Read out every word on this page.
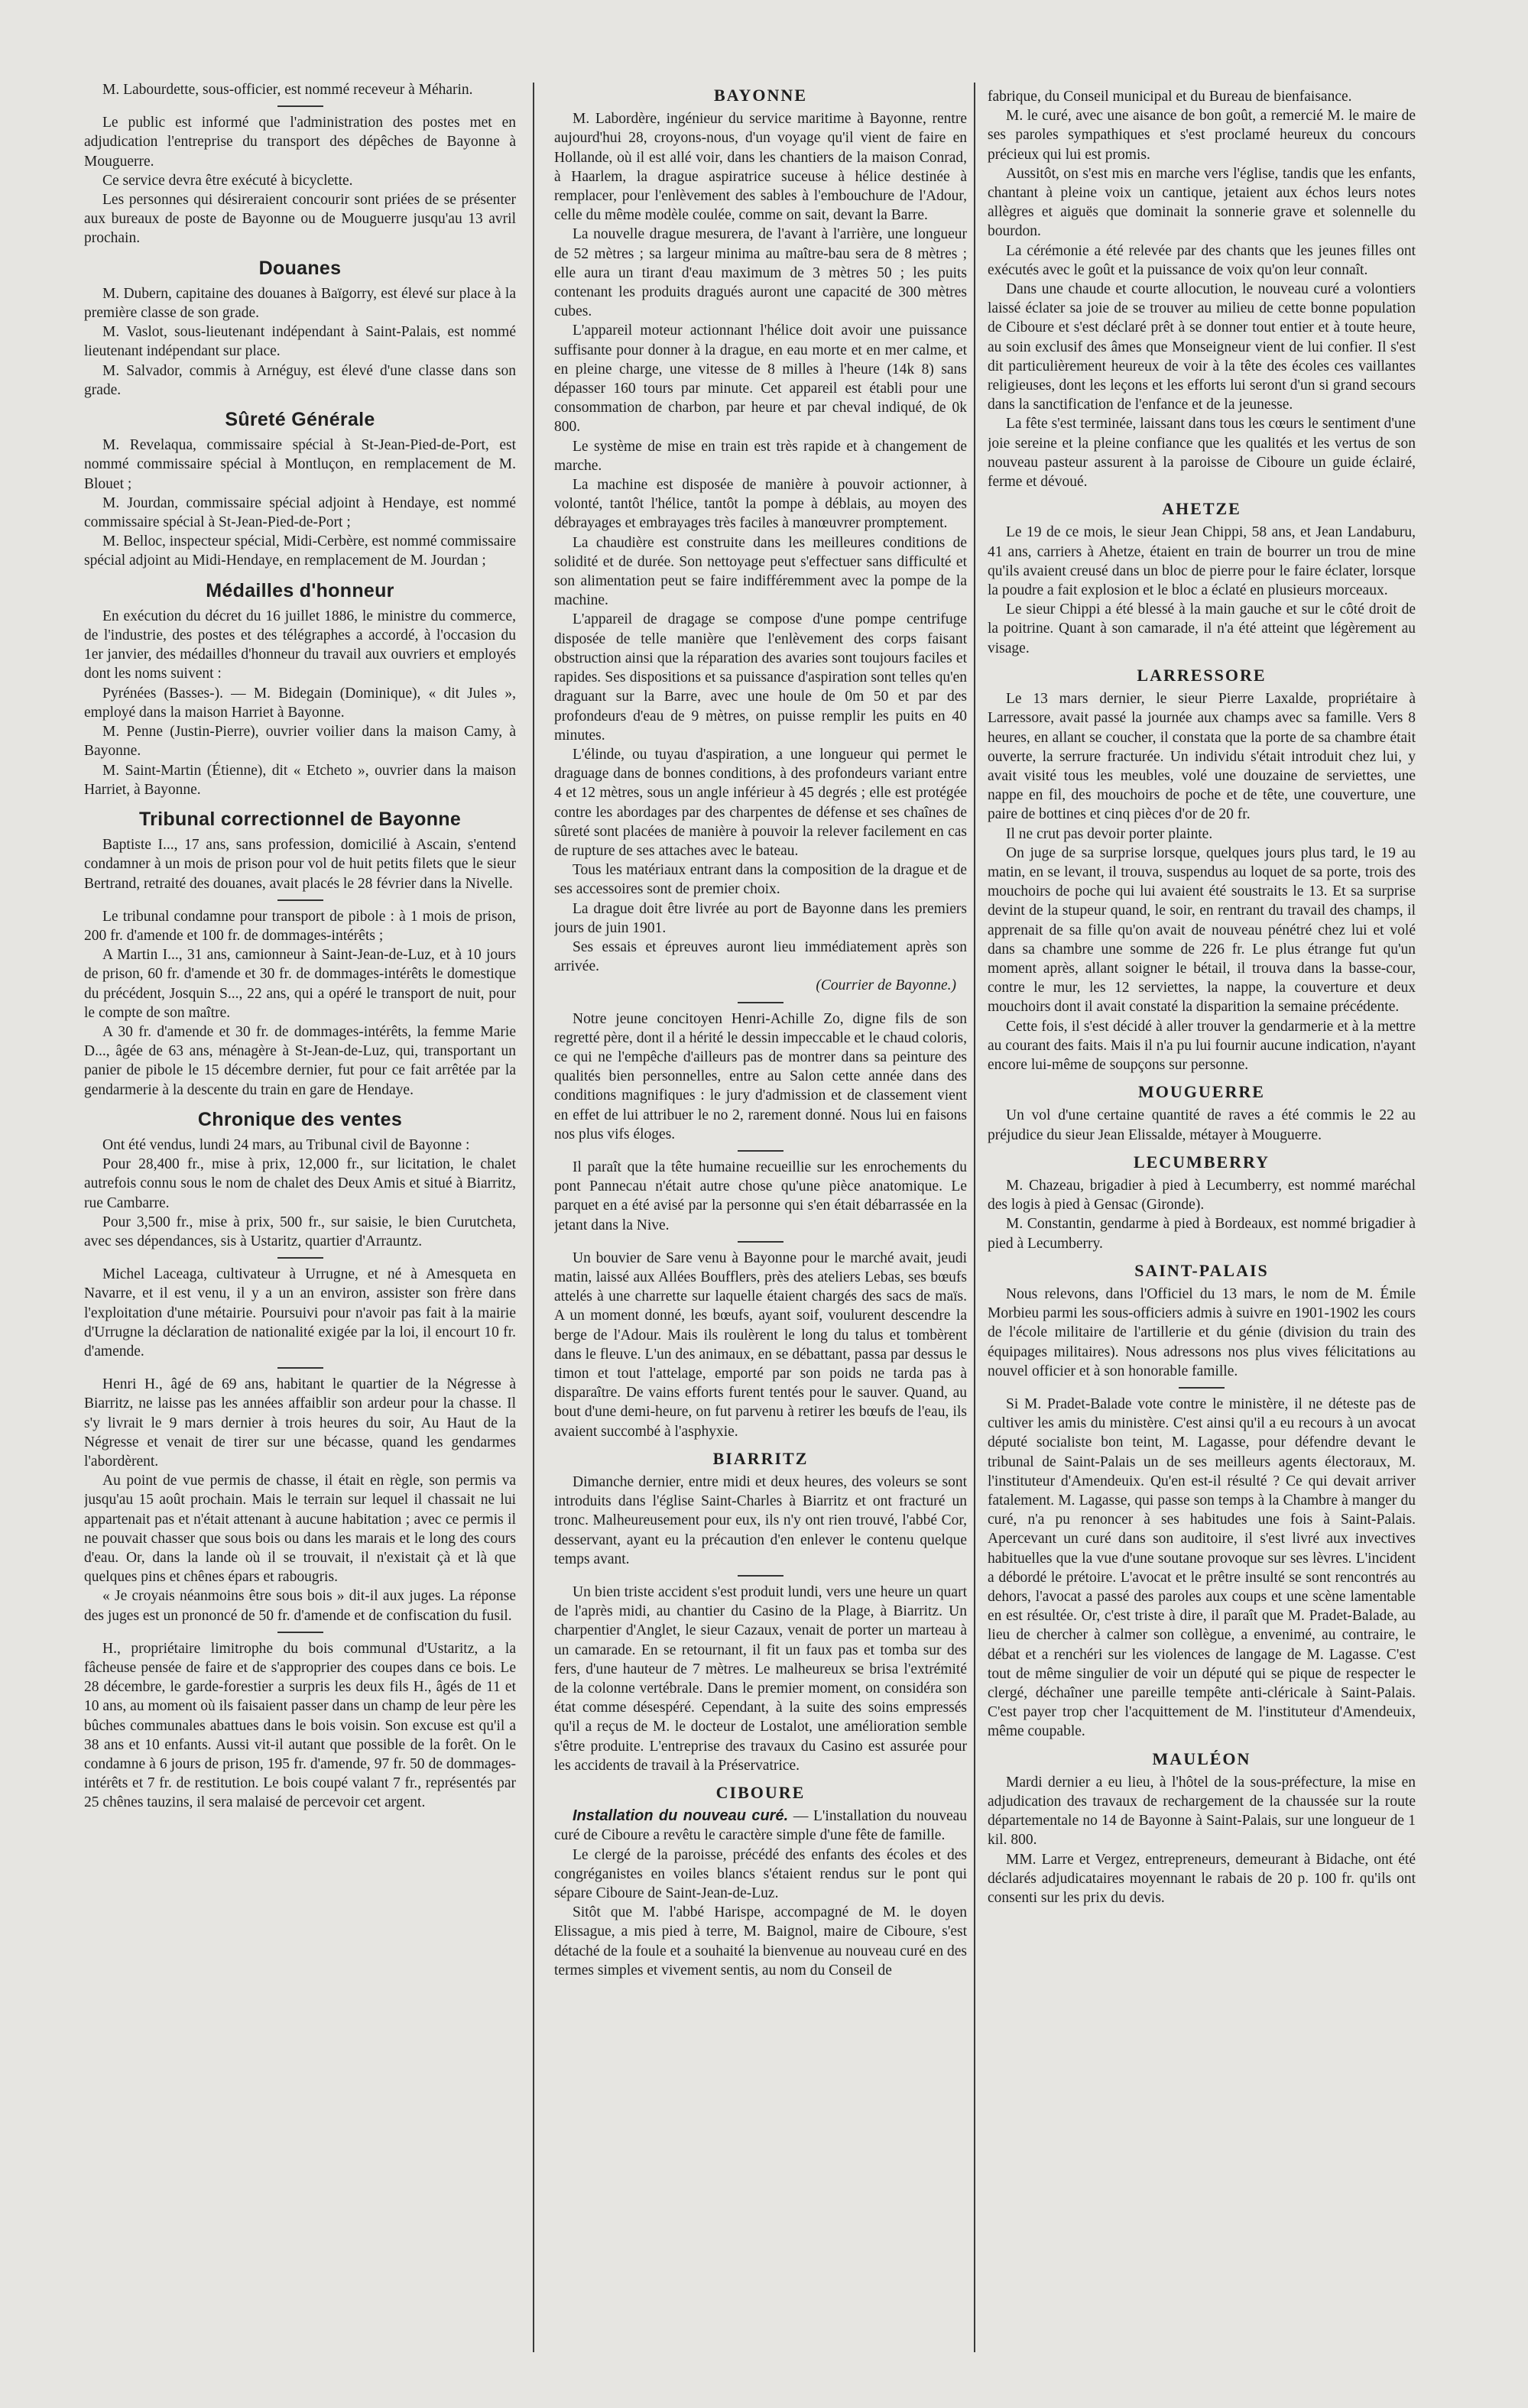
M. Labourdette, sous-officier, est nommé receveur à Méharin.

Le public est informé que l'administration des postes met en adjudication l'entreprise du transport des dépêches de Bayonne à Mouguerre.

Ce service devra être exécuté à bicyclette.

Les personnes qui désireraient concourir sont priées de se présenter aux bureaux de poste de Bayonne ou de Mouguerre jusqu'au 13 avril prochain.

Douanes

M. Dubern, capitaine des douanes à Baïgorry, est élevé sur place à la première classe de son grade.

M. Vaslot, sous-lieutenant indépendant à Saint-Palais, est nommé lieutenant indépendant sur place.

M. Salvador, commis à Arnéguy, est élevé d'une classe dans son grade.

Sûreté Générale

M. Revelaqua, commissaire spécial à St-Jean-Pied-de-Port, est nommé commissaire spécial à Montluçon, en remplacement de M. Blouet ;

M. Jourdan, commissaire spécial adjoint à Hendaye, est nommé commissaire spécial à St-Jean-Pied-de-Port ;

M. Belloc, inspecteur spécial, Midi-Cerbère, est nommé commissaire spécial adjoint au Midi-Hendaye, en remplacement de M. Jourdan ;

Médailles d'honneur

En exécution du décret du 16 juillet 1886, le ministre du commerce, de l'industrie, des postes et des télégraphes a accordé, à l'occasion du 1er janvier, des médailles d'honneur du travail aux ouvriers et employés dont les noms suivent :

Pyrénées (Basses-). — M. Bidegain (Dominique), « dit Jules », employé dans la maison Harriet à Bayonne.

M. Penne (Justin-Pierre), ouvrier voilier dans la maison Camy, à Bayonne.

M. Saint-Martin (Étienne), dit « Etcheto », ouvrier dans la maison Harriet, à Bayonne.

Tribunal correctionnel de Bayonne

Baptiste I..., 17 ans, sans profession, domicilié à Ascain, s'entend condamner à un mois de prison pour vol de huit petits filets que le sieur Bertrand, retraité des douanes, avait placés le 28 février dans la Nivelle.

Le tribunal condamne pour transport de pibole : à 1 mois de prison, 200 fr. d'amende et 100 fr. de dommages-intérêts ;

A Martin I..., 31 ans, camionneur à Saint-Jean-de-Luz, et à 10 jours de prison, 60 fr. d'amende et 30 fr. de dommages-intérêts le domestique du précédent, Josquin S..., 22 ans, qui a opéré le transport de nuit, pour le compte de son maître.

A 30 fr. d'amende et 30 fr. de dommages-intérêts, la femme Marie D..., âgée de 63 ans, ménagère à St-Jean-de-Luz, qui, transportant un panier de pibole le 15 décembre dernier, fut pour ce fait arrêtée par la gendarmerie à la descente du train en gare de Hendaye.

Chronique des ventes

Ont été vendus, lundi 24 mars, au Tribunal civil de Bayonne :

Pour 28,400 fr., mise à prix, 12,000 fr., sur licitation, le chalet autrefois connu sous le nom de chalet des Deux Amis et situé à Biarritz, rue Cambarre.

Pour 3,500 fr., mise à prix, 500 fr., sur saisie, le bien Curutcheta, avec ses dépendances, sis à Ustaritz, quartier d'Arrauntz.

Michel Laceaga, cultivateur à Urrugne, et né à Amesqueta en Navarre, et il est venu, il y a un an environ, assister son frère dans l'exploitation d'une métairie. Poursuivi pour n'avoir pas fait à la mairie d'Urrugne la déclaration de nationalité exigée par la loi, il encourt 10 fr. d'amende.

Henri H., âgé de 69 ans, habitant le quartier de la Négresse à Biarritz, ne laisse pas les années affaiblir son ardeur pour la chasse. Il s'y livrait le 9 mars dernier à trois heures du soir, Au Haut de la Négresse et venait de tirer sur une bécasse, quand les gendarmes l'abordèrent.

Au point de vue permis de chasse, il était en règle, son permis va jusqu'au 15 août prochain. Mais le terrain sur lequel il chassait ne lui appartenait pas et n'était attenant à aucune habitation ; avec ce permis il ne pouvait chasser que sous bois ou dans les marais et le long des cours d'eau. Or, dans la lande où il se trouvait, il n'existait çà et là que quelques pins et chênes épars et rabougris.

« Je croyais néanmoins être sous bois » dit-il aux juges. La réponse des juges est un prononcé de 50 fr. d'amende et de confiscation du fusil.

H., propriétaire limitrophe du bois communal d'Ustaritz, a la fâcheuse pensée de faire et de s'approprier des coupes dans ce bois. Le 28 décembre, le garde-forestier a surpris les deux fils H., âgés de 11 et 10 ans, au moment où ils faisaient passer dans un champ de leur père les bûches communales abattues dans le bois voisin. Son excuse est qu'il a 38 ans et 10 enfants. Aussi vit-il autant que possible de la forêt. On le condamne à 6 jours de prison, 195 fr. d'amende, 97 fr. 50 de dommages-intérêts et 7 fr. de restitution. Le bois coupé valant 7 fr., représentés par 25 chênes tauzins, il sera malaisé de percevoir cet argent.

BAYONNE

M. Labordère, ingénieur du service maritime à Bayonne, rentre aujourd'hui 28, croyons-nous, d'un voyage qu'il vient de faire en Hollande, où il est allé voir, dans les chantiers de la maison Conrad, à Haarlem, la drague aspiratrice suceuse à hélice destinée à remplacer, pour l'enlèvement des sables à l'embouchure de l'Adour, celle du même modèle coulée, comme on sait, devant la Barre.

La nouvelle drague mesurera, de l'avant à l'arrière, une longueur de 52 mètres ; sa largeur minima au maître-bau sera de 8 mètres ; elle aura un tirant d'eau maximum de 3 mètres 50 ; les puits contenant les produits dragués auront une capacité de 300 mètres cubes.

L'appareil moteur actionnant l'hélice doit avoir une puissance suffisante pour donner à la drague, en eau morte et en mer calme, et en pleine charge, une vitesse de 8 milles à l'heure (14k 8) sans dépasser 160 tours par minute. Cet appareil est établi pour une consommation de charbon, par heure et par cheval indiqué, de 0k 800.

Le système de mise en train est très rapide et à changement de marche.

La machine est disposée de manière à pouvoir actionner, à volonté, tantôt l'hélice, tantôt la pompe à déblais, au moyen des débrayages et embrayages très faciles à manœuvrer promptement.

La chaudière est construite dans les meilleures conditions de solidité et de durée. Son nettoyage peut s'effectuer sans difficulté et son alimentation peut se faire indifféremment avec la pompe de la machine.

L'appareil de dragage se compose d'une pompe centrifuge disposée de telle manière que l'enlèvement des corps faisant obstruction ainsi que la réparation des avaries sont toujours faciles et rapides. Ses dispositions et sa puissance d'aspiration sont telles qu'en draguant sur la Barre, avec une houle de 0m 50 et par des profondeurs d'eau de 9 mètres, on puisse remplir les puits en 40 minutes.

L'élinde, ou tuyau d'aspiration, a une longueur qui permet le draguage dans de bonnes conditions, à des profondeurs variant entre 4 et 12 mètres, sous un angle inférieur à 45 degrés ; elle est protégée contre les abordages par des charpentes de défense et ses chaînes de sûreté sont placées de manière à pouvoir la relever facilement en cas de rupture de ses attaches avec le bateau.

Tous les matériaux entrant dans la composition de la drague et de ses accessoires sont de premier choix.

La drague doit être livrée au port de Bayonne dans les premiers jours de juin 1901.

Ses essais et épreuves auront lieu immédiatement après son arrivée.

(Courrier de Bayonne.)

Notre jeune concitoyen Henri-Achille Zo, digne fils de son regretté père, dont il a hérité le dessin impeccable et le chaud coloris, ce qui ne l'empêche d'ailleurs pas de montrer dans sa peinture des qualités bien personnelles, entre au Salon cette année dans des conditions magnifiques : le jury d'admission et de classement vient en effet de lui attribuer le no 2, rarement donné. Nous lui en faisons nos plus vifs éloges.

Il paraît que la tête humaine recueillie sur les enrochements du pont Pannecau n'était autre chose qu'une pièce anatomique. Le parquet en a été avisé par la personne qui s'en était débarrassée en la jetant dans la Nive.

Un bouvier de Sare venu à Bayonne pour le marché avait, jeudi matin, laissé aux Allées Boufflers, près des ateliers Lebas, ses bœufs attelés à une charrette sur laquelle étaient chargés des sacs de maïs. A un moment donné, les bœufs, ayant soif, voulurent descendre la berge de l'Adour. Mais ils roulèrent le long du talus et tombèrent dans le fleuve. L'un des animaux, en se débattant, passa par dessus le timon et tout l'attelage, emporté par son poids ne tarda pas à disparaître. De vains efforts furent tentés pour le sauver. Quand, au bout d'une demi-heure, on fut parvenu à retirer les bœufs de l'eau, ils avaient succombé à l'asphyxie.

BIARRITZ

Dimanche dernier, entre midi et deux heures, des voleurs se sont introduits dans l'église Saint-Charles à Biarritz et ont fracturé un tronc. Malheureusement pour eux, ils n'y ont rien trouvé, l'abbé Cor, desservant, ayant eu la précaution d'en enlever le contenu quelque temps avant.

Un bien triste accident s'est produit lundi, vers une heure un quart de l'après midi, au chantier du Casino de la Plage, à Biarritz. Un charpentier d'Anglet, le sieur Cazaux, venait de porter un marteau à un camarade. En se retournant, il fit un faux pas et tomba sur des fers, d'une hauteur de 7 mètres. Le malheureux se brisa l'extrémité de la colonne vertébrale. Dans le premier moment, on considéra son état comme désespéré. Cependant, à la suite des soins empressés qu'il a reçus de M. le docteur de Lostalot, une amélioration semble s'être produite. L'entreprise des travaux du Casino est assurée pour les accidents de travail à la Préservatrice.

CIBOURE

Installation du nouveau curé. — L'installation du nouveau curé de Ciboure a revêtu le caractère simple d'une fête de famille.

Le clergé de la paroisse, précédé des enfants des écoles et des congréganistes en voiles blancs s'étaient rendus sur le pont qui sépare Ciboure de Saint-Jean-de-Luz.

Sitôt que M. l'abbé Harispe, accompagné de M. le doyen Elissague, a mis pied à terre, M. Baignol, maire de Ciboure, s'est détaché de la foule et a souhaité la bienvenue au nouveau curé en des termes simples et vivement sentis, au nom du Conseil de

fabrique, du Conseil municipal et du Bureau de bienfaisance.

M. le curé, avec une aisance de bon goût, a remercié M. le maire de ses paroles sympathiques et s'est proclamé heureux du concours précieux qui lui est promis.

Aussitôt, on s'est mis en marche vers l'église, tandis que les enfants, chantant à pleine voix un cantique, jetaient aux échos leurs notes allègres et aiguës que dominait la sonnerie grave et solennelle du bourdon.

La cérémonie a été relevée par des chants que les jeunes filles ont exécutés avec le goût et la puissance de voix qu'on leur connaît.

Dans une chaude et courte allocution, le nouveau curé a volontiers laissé éclater sa joie de se trouver au milieu de cette bonne population de Ciboure et s'est déclaré prêt à se donner tout entier et à toute heure, au soin exclusif des âmes que Monseigneur vient de lui confier. Il s'est dit particulièrement heureux de voir à la tête des écoles ces vaillantes religieuses, dont les leçons et les efforts lui seront d'un si grand secours dans la sanctification de l'enfance et de la jeunesse.

La fête s'est terminée, laissant dans tous les cœurs le sentiment d'une joie sereine et la pleine confiance que les qualités et les vertus de son nouveau pasteur assurent à la paroisse de Ciboure un guide éclairé, ferme et dévoué.

AHETZE

Le 19 de ce mois, le sieur Jean Chippi, 58 ans, et Jean Landaburu, 41 ans, carriers à Ahetze, étaient en train de bourrer un trou de mine qu'ils avaient creusé dans un bloc de pierre pour le faire éclater, lorsque la poudre a fait explosion et le bloc a éclaté en plusieurs morceaux.

Le sieur Chippi a été blessé à la main gauche et sur le côté droit de la poitrine. Quant à son camarade, il n'a été atteint que légèrement au visage.

LARRESSORE

Le 13 mars dernier, le sieur Pierre Laxalde, propriétaire à Larressore, avait passé la journée aux champs avec sa famille. Vers 8 heures, en allant se coucher, il constata que la porte de sa chambre était ouverte, la serrure fracturée. Un individu s'était introduit chez lui, y avait visité tous les meubles, volé une douzaine de serviettes, une nappe en fil, des mouchoirs de poche et de tête, une couverture, une paire de bottines et cinq pièces d'or de 20 fr.

Il ne crut pas devoir porter plainte.

On juge de sa surprise lorsque, quelques jours plus tard, le 19 au matin, en se levant, il trouva, suspendus au loquet de sa porte, trois des mouchoirs de poche qui lui avaient été soustraits le 13. Et sa surprise devint de la stupeur quand, le soir, en rentrant du travail des champs, il apprenait de sa fille qu'on avait de nouveau pénétré chez lui et volé dans sa chambre une somme de 226 fr. Le plus étrange fut qu'un moment après, allant soigner le bétail, il trouva dans la basse-cour, contre le mur, les 12 serviettes, la nappe, la couverture et deux mouchoirs dont il avait constaté la disparition la semaine précédente.

Cette fois, il s'est décidé à aller trouver la gendarmerie et à la mettre au courant des faits. Mais il n'a pu lui fournir aucune indication, n'ayant encore lui-même de soupçons sur personne.

MOUGUERRE

Un vol d'une certaine quantité de raves a été commis le 22 au préjudice du sieur Jean Elissalde, métayer à Mouguerre.

LECUMBERRY

M. Chazeau, brigadier à pied à Lecumberry, est nommé maréchal des logis à pied à Gensac (Gironde).

M. Constantin, gendarme à pied à Bordeaux, est nommé brigadier à pied à Lecumberry.

SAINT-PALAIS

Nous relevons, dans l'Officiel du 13 mars, le nom de M. Émile Morbieu parmi les sous-officiers admis à suivre en 1901-1902 les cours de l'école militaire de l'artillerie et du génie (division du train des équipages militaires). Nous adressons nos plus vives félicitations au nouvel officier et à son honorable famille.

Si M. Pradet-Balade vote contre le ministère, il ne déteste pas de cultiver les amis du ministère. C'est ainsi qu'il a eu recours à un avocat député socialiste bon teint, M. Lagasse, pour défendre devant le tribunal de Saint-Palais un de ses meilleurs agents électoraux, M. l'instituteur d'Amendeuix. Qu'en est-il résulté ? Ce qui devait arriver fatalement. M. Lagasse, qui passe son temps à la Chambre à manger du curé, n'a pu renoncer à ses habitudes une fois à Saint-Palais. Apercevant un curé dans son auditoire, il s'est livré aux invectives habituelles que la vue d'une soutane provoque sur ses lèvres. L'incident a débordé le prétoire. L'avocat et le prêtre insulté se sont rencontrés au dehors, l'avocat a passé des paroles aux coups et une scène lamentable en est résultée. Or, c'est triste à dire, il paraît que M. Pradet-Balade, au lieu de chercher à calmer son collègue, a envenimé, au contraire, le débat et a renchéri sur les violences de langage de M. Lagasse. C'est tout de même singulier de voir un député qui se pique de respecter le clergé, déchaîner une pareille tempête anti-cléricale à Saint-Palais. C'est payer trop cher l'acquittement de M. l'instituteur d'Amendeuix, même coupable.

MAULÉON

Mardi dernier a eu lieu, à l'hôtel de la sous-préfecture, la mise en adjudication des travaux de rechargement de la chaussée sur la route départementale no 14 de Bayonne à Saint-Palais, sur une longueur de 1 kil. 800.

MM. Larre et Vergez, entrepreneurs, demeurant à Bidache, ont été déclarés adjudicataires moyennant le rabais de 20 p. 100 fr. qu'ils ont consenti sur les prix du devis.
